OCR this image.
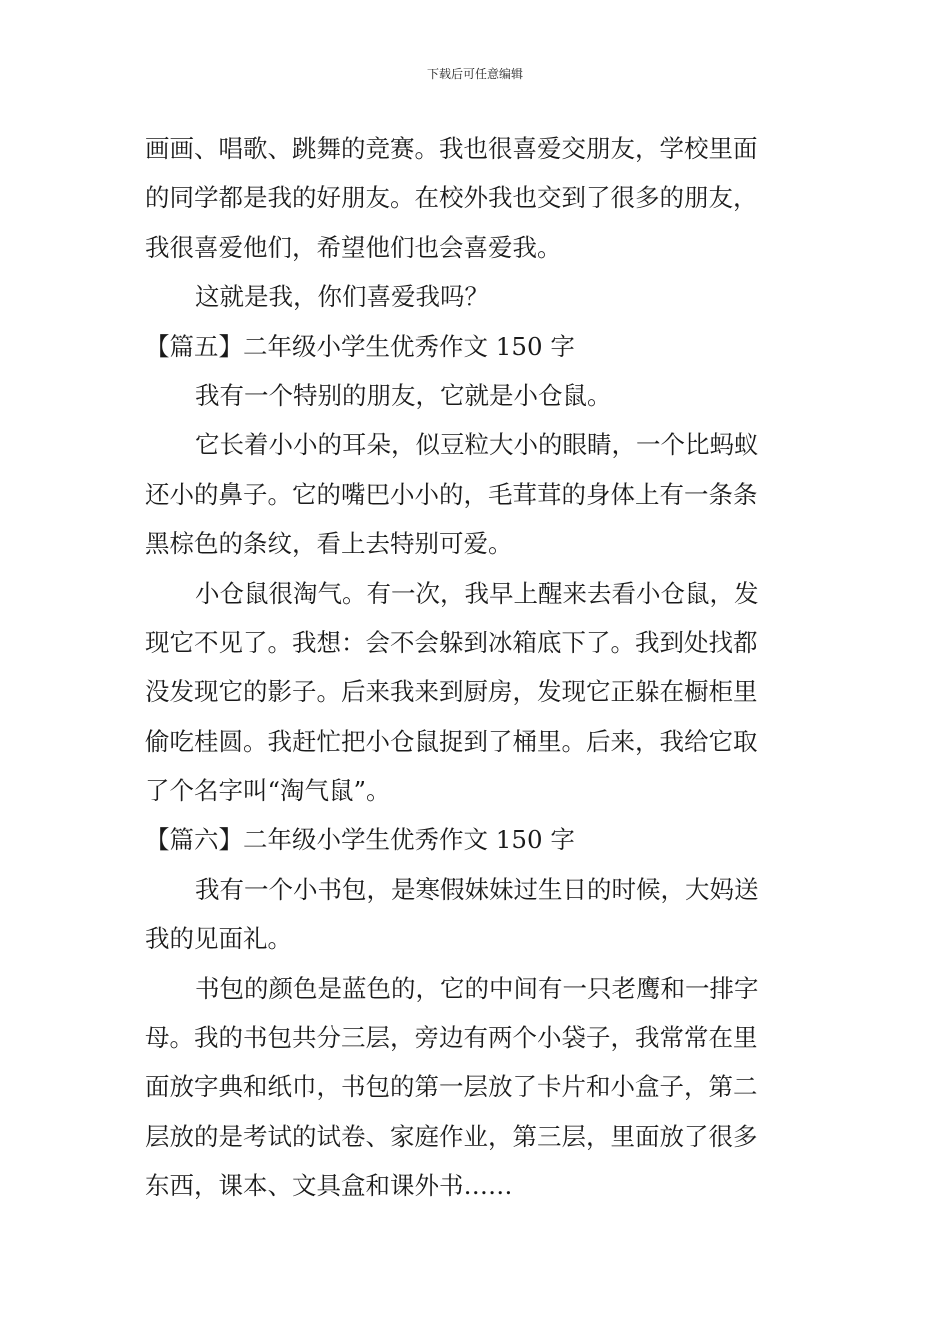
下载后可任意编辑
画画、唱歌、跳舞的竞赛。我也很喜爱交朋友，学校里面
的同学都是我的好朋友。在校外我也交到了很多的朋友，
我很喜爱他们，希望他们也会喜爱我。
这就是我，你们喜爱我吗？
【篇五】二年级小学生优秀作文 150 字
我有一个特别的朋友，它就是小仓鼠。
它长着小小的耳朵，似豆粒大小的眼睛，一个比蚂蚁
还小的鼻子。它的嘴巴小小的，毛茸茸的身体上有一条条
黑棕色的条纹，看上去特别可爱。
小仓鼠很淘气。有一次，我早上醒来去看小仓鼠，发
现它不见了。我想：会不会躲到冰箱底下了。我到处找都
没发现它的影子。后来我来到厨房，发现它正躲在橱柜里
偷吃桂圆。我赶忙把小仓鼠捉到了桶里。后来，我给它取
了个名字叫“淘气鼠”。
【篇六】二年级小学生优秀作文 150 字
我有一个小书包，是寒假妹妹过生日的时候，大妈送
我的见面礼。
书包的颜色是蓝色的，它的中间有一只老鹰和一排字
母。我的书包共分三层，旁边有两个小袋子，我常常在里
面放字典和纸巾，书包的第一层放了卡片和小盒子，第二
层放的是考试的试卷、家庭作业，第三层，里面放了很多
东西，课本、文具盒和课外书……
